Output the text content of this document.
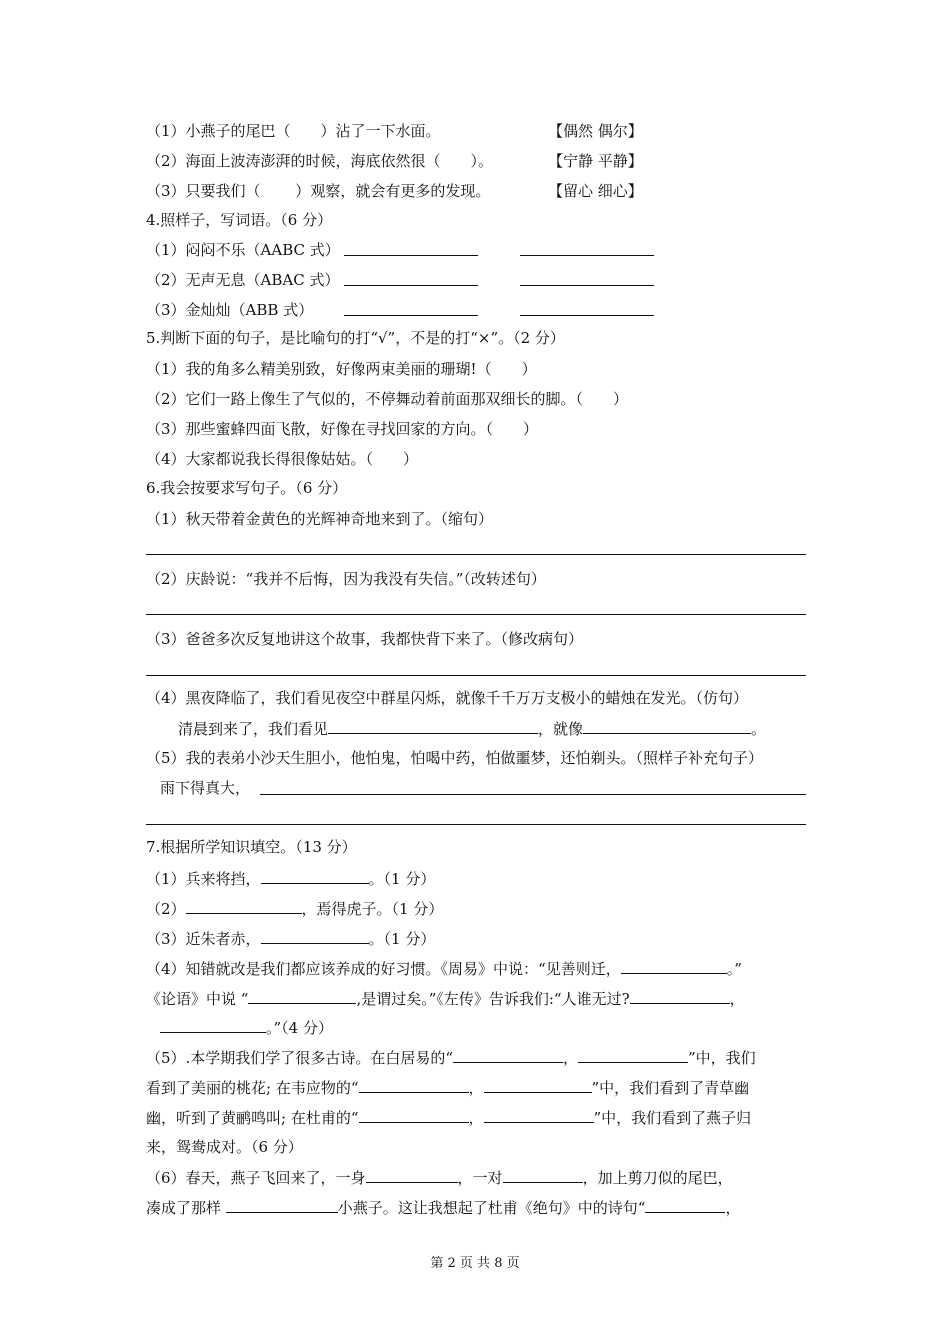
（1）小燕子的尾巴（　　）沾了一下水面。	【偶然 偶尔】
（2）海面上波涛澎湃的时候，海底依然很（　　）。	【宁静 平静】
（3）只要我们（　　 ）观察，就会有更多的发现。	【留心 细心】
4.照样子，写词语。（6 分）
（1）闷闷不乐（AABC 式）
（2）无声无息（ABAC 式）
（3）金灿灿（ABB 式）
5.判断下面的句子，是比喻句的打“√”，不是的打“×”。（2 分）
（1）我的角多么精美别致，好像两束美丽的珊瑚!（　　）
（2）它们一路上像生了气似的，不停舞动着前面那双细长的脚。（　　）
（3）那些蜜蜂四面飞散，好像在寻找回家的方向。（　　）
（4）大家都说我长得很像姑姑。（　　）
6.我会按要求写句子。（6 分）
（1）秋天带着金黄色的光辉神奇地来到了。（缩句）
（2）庆龄说：“我并不后悔，因为我没有失信。”（改转述句）
（3）爸爸多次反复地讲这个故事，我都快背下来了。（修改病句）
（4）黑夜降临了，我们看见夜空中群星闪烁，就像千千万万支极小的蜡烛在发光。（仿句）
清晨到来了，我们看见	，就像	。
（5）我的表弟小沙天生胆小，他怕鬼，怕喝中药，怕做噩梦，还怕剃头。（照样子补充句子）
雨下得真大，
7.根据所学知识填空。（13 分）
（1）兵来将挡，	。（1 分）
（2）	，焉得虎子。（1 分）
（3）近朱者赤，	。（1 分）
（4）知错就改是我们都应该养成的好习惯。《周易》中说：“见善则迁，	。”
《论语》中说 “	,是谓过矣。”《左传》告诉我们:“人谁无过?	，
。”（4 分）
（5）.本学期我们学了很多古诗。在白居易的“	，	”中，我们
看到了美丽的桃花; 在韦应物的“	，	”中，我们看到了青草幽
幽，听到了黄鹂鸣叫; 在杜甫的“	，	”中，我们看到了燕子归
来，鸳鸯成对。（6 分）
（6）春天，燕子飞回来了，一身	，一对	，加上剪刀似的尾巴，
凑成了那样	小燕子。这让我想起了杜甫《绝句》中的诗句“	，
第 2 页 共 8 页
